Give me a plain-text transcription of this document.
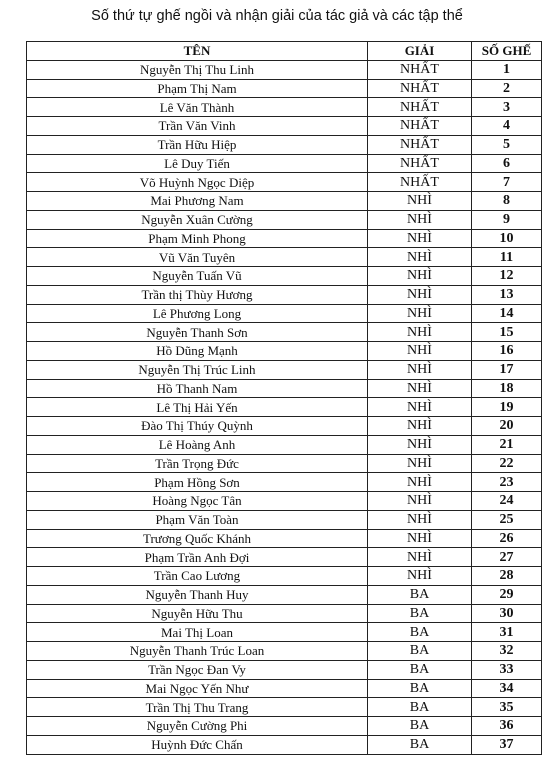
Số thứ tự ghế ngồi và nhận giải của tác giả và các tập thể
TÊN	GIẢI	SỐ GHẾ
Nguyễn Thị Thu Linh	NHẤT	1
Phạm Thị Nam	NHẤT	2
Lê Văn Thành	NHẤT	3
Trần Văn Vinh	NHẤT	4
Trần Hữu Hiệp	NHẤT	5
Lê Duy Tiến	NHẤT	6
Võ Huỳnh Ngọc Diệp	NHẤT	7
Mai Phương Nam	NHÌ	8
Nguyễn Xuân Cường	NHÌ	9
Phạm Minh Phong	NHÌ	10
Vũ Văn Tuyên	NHÌ	11
Nguyễn Tuấn Vũ	NHÌ	12
Trần thị Thùy Hương	NHÌ	13
Lê Phương Long	NHÌ	14
Nguyễn Thanh Sơn	NHÌ	15
Hồ Dũng Mạnh	NHÌ	16
Nguyễn Thị Trúc Linh	NHÌ	17
Hồ Thanh Nam	NHÌ	18
Lê Thị Hải Yến	NHÌ	19
Đào Thị Thúy Quỳnh	NHÌ	20
Lê Hoàng Anh	NHÌ	21
Trần Trọng Đức	NHÌ	22
Phạm Hồng Sơn	NHÌ	23
Hoàng Ngọc Tân	NHÌ	24
Phạm Văn Toàn	NHÌ	25
Trương Quốc Khánh	NHÌ	26
Phạm Trần Anh Đợi	NHÌ	27
Trần Cao Lương	NHÌ	28
Nguyễn Thanh Huy	BA	29
Nguyễn Hữu Thu	BA	30
Mai Thị Loan	BA	31
Nguyễn Thanh Trúc Loan	BA	32
Trần Ngọc Đan Vy	BA	33
Mai Ngọc Yến Như	BA	34
Trần Thị Thu Trang	BA	35
Nguyễn Cường Phi	BA	36
Huỳnh Đức Chấn	BA	37
